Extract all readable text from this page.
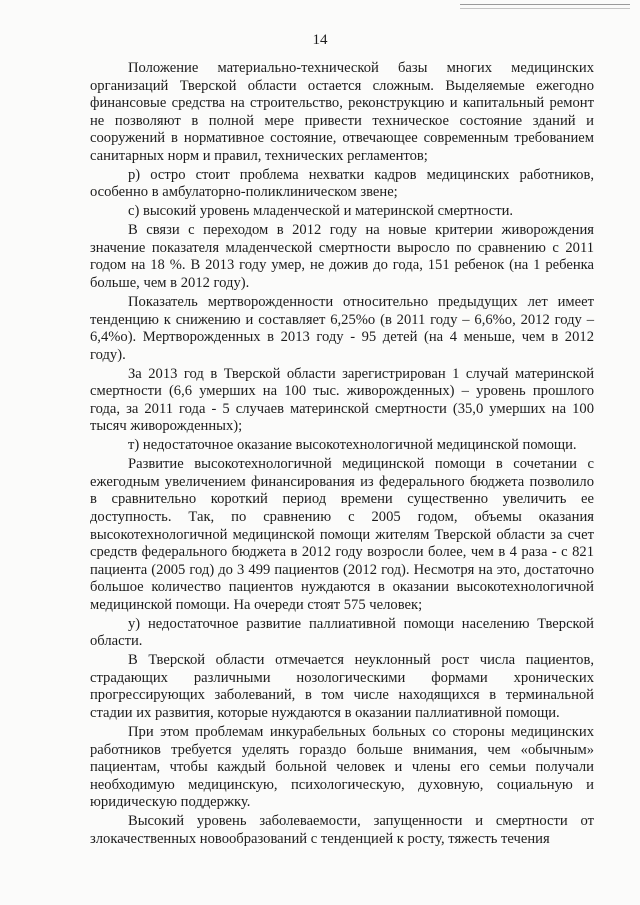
14

Положение материально-технической базы многих медицинских организаций Тверской области остается сложным. Выделяемые ежегодно финансовые средства на строительство, реконструкцию и капитальный ремонт не позволяют в полной мере привести техническое состояние зданий и сооружений в нормативное состояние, отвечающее современным требованием санитарных норм и правил, технических регламентов;

р) остро стоит проблема нехватки кадров медицинских работников, особенно в амбулаторно-поликлиническом звене;

с) высокий уровень младенческой и материнской смертности.

В связи с переходом в 2012 году на новые критерии живорождения значение показателя младенческой смертности выросло по сравнению с 2011 годом на 18 %. В 2013 году умер, не дожив до года, 151 ребенок (на 1 ребенка больше, чем в 2012 году).

Показатель мертворожденности относительно предыдущих лет имеет тенденцию к снижению и составляет 6,25%о (в 2011 году – 6,6%о, 2012 году – 6,4%о). Мертворожденных в 2013 году - 95 детей (на 4 меньше, чем в 2012 году).

За 2013 год в Тверской области зарегистрирован 1 случай материнской смертности (6,6 умерших на 100 тыс. живорожденных) – уровень прошлого года, за 2011 года - 5 случаев материнской смертности (35,0 умерших на 100 тысяч живорожденных);

т) недостаточное оказание высокотехнологичной медицинской помощи.

Развитие высокотехнологичной медицинской помощи в сочетании с ежегодным увеличением финансирования из федерального бюджета позволило в сравнительно короткий период времени существенно увеличить ее доступность. Так, по сравнению с 2005 годом, объемы оказания высокотехнологичной медицинской помощи жителям Тверской области за счет средств федерального бюджета в 2012 году возросли более, чем в 4 раза - с 821 пациента (2005 год) до 3 499 пациентов (2012 год). Несмотря на это, достаточно большое количество пациентов нуждаются в оказании высокотехнологичной медицинской помощи. На очереди стоят 575 человек;

у) недостаточное развитие паллиативной помощи населению Тверской области.

В Тверской области отмечается неуклонный рост числа пациентов, страдающих различными нозологическими формами хронических прогрессирующих заболеваний, в том числе находящихся в терминальной стадии их развития, которые нуждаются в оказании паллиативной помощи.

При этом проблемам инкурабельных больных со стороны медицинских работников требуется уделять гораздо больше внимания, чем «обычным» пациентам, чтобы каждый больной человек и члены его семьи получали необходимую медицинскую, психологическую, духовную, социальную и юридическую поддержку.

Высокий уровень заболеваемости, запущенности и смертности от злокачественных новообразований с тенденцией к росту, тяжесть течения
